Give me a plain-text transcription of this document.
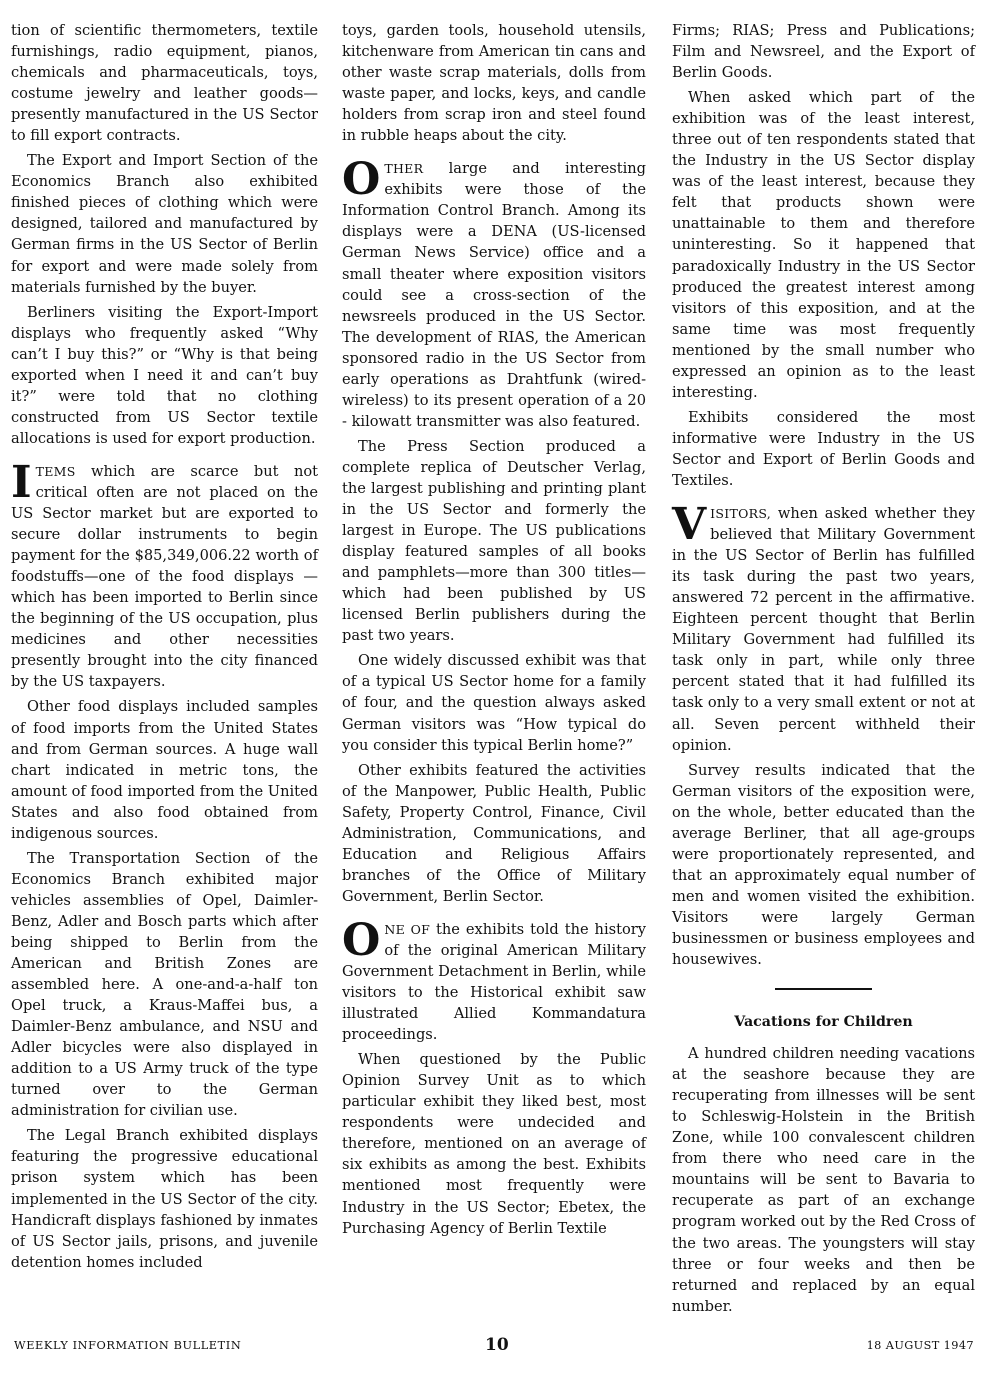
tion of scientific thermometers, textile furnishings, radio equipment, pianos, chemicals and pharmaceuticals, toys, costume jewelry and leather goods—presently manufactured in the US Sector to fill export contracts.

The Export and Import Section of the Economics Branch also exhibited finished pieces of clothing which were designed, tailored and manufactured by German firms in the US Sector of Berlin for export and were made solely from materials furnished by the buyer.

Berliners visiting the Export-Import displays who frequently asked “Why can’t I buy this?” or “Why is that being exported when I need it and can’t buy it?” were told that no clothing constructed from US Sector textile allocations is used for export production.

ITEMS which are scarce but not critical often are not placed on the US Sector market but are exported to secure dollar instruments to begin payment for the $85,349,006.22 worth of foodstuffs—one of the food displays —which has been imported to Berlin since the beginning of the US occupation, plus medicines and other necessities presently brought into the city financed by the US taxpayers.

Other food displays included samples of food imports from the United States and from German sources. A huge wall chart indicated in metric tons, the amount of food imported from the United States and also food obtained from indigenous sources.

The Transportation Section of the Economics Branch exhibited major vehicles assemblies of Opel, Daimler-Benz, Adler and Bosch parts which after being shipped to Berlin from the American and British Zones are assembled here. A one-and-a-half ton Opel truck, a Kraus-Maffei bus, a Daimler-Benz ambulance, and NSU and Adler bicycles were also displayed in addition to a US Army truck of the type turned over to the German administration for civilian use.

The Legal Branch exhibited displays featuring the progressive educational prison system which has been implemented in the US Sector of the city. Handicraft displays fashioned by inmates of US Sector jails, prisons, and juvenile detention homes included

toys, garden tools, household utensils, kitchenware from American tin cans and other waste scrap materials, dolls from waste paper, and locks, keys, and candle holders from scrap iron and steel found in rubble heaps about the city.

OTHER large and interesting exhibits were those of the Information Control Branch. Among its displays were a DENA (US-licensed German News Service) office and a small theater where exposition visitors could see a cross-section of the newsreels produced in the US Sector. The development of RIAS, the American sponsored radio in the US Sector from early operations as Drahtfunk (wired-wireless) to its present operation of a 20 - kilowatt transmitter was also featured.

The Press Section produced a complete replica of Deutscher Verlag, the largest publishing and printing plant in the US Sector and formerly the largest in Europe. The US publications display featured samples of all books and pamphlets—more than 300 titles—which had been published by US licensed Berlin publishers during the past two years.

One widely discussed exhibit was that of a typical US Sector home for a family of four, and the question always asked German visitors was “How typical do you consider this typical Berlin home?”

Other exhibits featured the activities of the Manpower, Public Health, Public Safety, Property Control, Finance, Civil Administration, Communications, and Education and Religious Affairs branches of the Office of Military Government, Berlin Sector.

ONE OF the exhibits told the history of the original American Military Government Detachment in Berlin, while visitors to the Historical exhibit saw illustrated Allied Kommandatura proceedings.

When questioned by the Public Opinion Survey Unit as to which particular exhibit they liked best, most respondents were undecided and therefore, mentioned on an average of six exhibits as among the best. Exhibits mentioned most frequently were Industry in the US Sector; Ebetex, the Purchasing Agency of Berlin Textile

Firms; RIAS; Press and Publications; Film and Newsreel, and the Export of Berlin Goods.

When asked which part of the exhibition was of the least interest, three out of ten respondents stated that the Industry in the US Sector display was of the least interest, because they felt that products shown were unattainable to them and therefore uninteresting. So it happened that paradoxically Industry in the US Sector produced the greatest interest among visitors of this exposition, and at the same time was most frequently mentioned by the small number who expressed an opinion as to the least interesting.

Exhibits considered the most informative were Industry in the US Sector and Export of Berlin Goods and Textiles.

VISITORS, when asked whether they believed that Military Government in the US Sector of Berlin has fulfilled its task during the past two years, answered 72 percent in the affirmative. Eighteen percent thought that Berlin Military Government had fulfilled its task only in part, while only three percent stated that it had fulfilled its task only to a very small extent or not at all. Seven percent withheld their opinion.

Survey results indicated that the German visitors of the exposition were, on the whole, better educated than the average Berliner, that all age-groups were proportionately represented, and that an approximately equal number of men and women visited the exhibition. Visitors were largely German businessmen or business employees and housewives.

Vacations for Children

A hundred children needing vacations at the seashore because they are recuperating from illnesses will be sent to Schleswig-Holstein in the British Zone, while 100 convalescent children from there who need care in the mountains will be sent to Bavaria to recuperate as part of an exchange program worked out by the Red Cross of the two areas. The youngsters will stay three or four weeks and then be returned and replaced by an equal number.

WEEKLY INFORMATION BULLETIN	10	18 AUGUST 1947
